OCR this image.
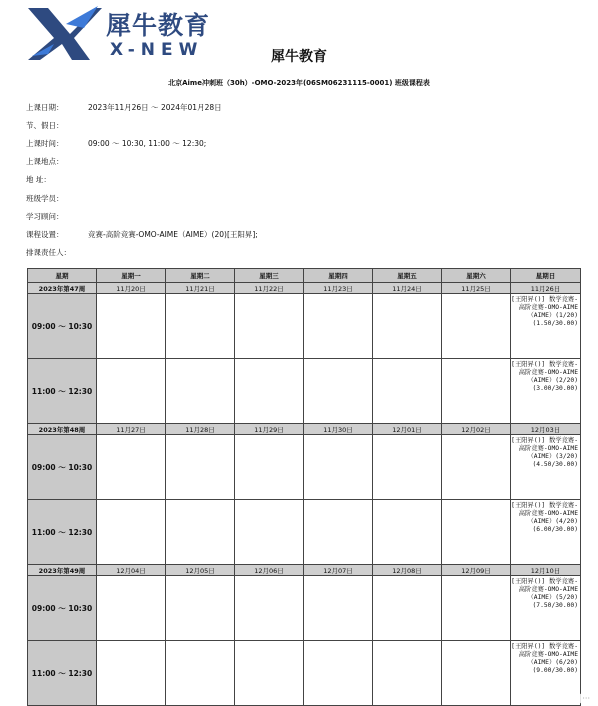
犀牛教育
X-NEW	犀牛教育
北京Aime冲刺班（30h）-OMO-2023年(06SM06231115-0001) 班级课程表
上课日期：	2023年11月26日 ～ 2024年01月28日
节、假日：
上课时间：	09:00 ～ 10:30, 11:00 ～ 12:30;
上课地点：
地 址：
班级学员：
学习顾问：
课程设置：	竞赛-高阶竞赛-OMO-AIME（AIME）(20)[王阳昇];
排课责任人：
星期	星期一	星期二	星期三	星期四	星期五	星期六	星期日
2023年第47周	11月20日	11月21日	11月22日	11月23日	11月24日	11月25日	11月26日
09:00 ～ 10:30							[王阳昇()] 数学竞赛-高阶竞赛-OMO-AIME（AIME）(1/20)(1.50/30.00)
11:00 ～ 12:30							[王阳昇()] 数学竞赛-高阶竞赛-OMO-AIME（AIME）(2/20)(3.00/30.00)
2023年第48周	11月27日	11月28日	11月29日	11月30日	12月01日	12月02日	12月03日
09:00 ～ 10:30							[王阳昇()] 数学竞赛-高阶竞赛-OMO-AIME（AIME）(3/20)(4.50/30.00)
11:00 ～ 12:30							[王阳昇()] 数学竞赛-高阶竞赛-OMO-AIME（AIME）(4/20)(6.00/30.00)
2023年第49周	12月04日	12月05日	12月06日	12月07日	12月08日	12月09日	12月10日
09:00 ～ 10:30							[王阳昇()] 数学竞赛-高阶竞赛-OMO-AIME（AIME）(5/20)(7.50/30.00)
11:00 ～ 12:30							[王阳昇()] 数学竞赛-高阶竞赛-OMO-AIME（AIME）(6/20)(9.00/30.00)
···
